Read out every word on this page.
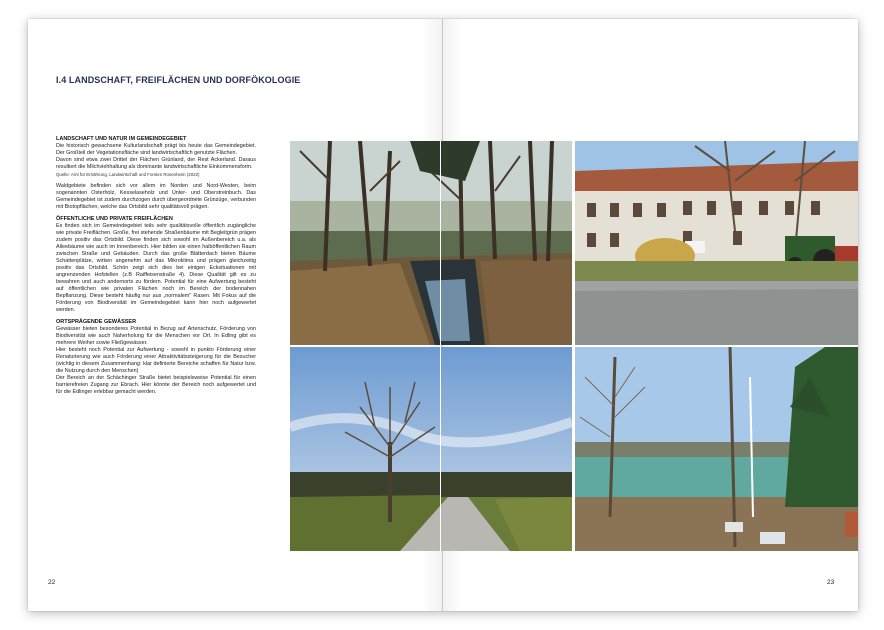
I.4 LANDSCHAFT, FREIFLÄCHEN UND DORFÖKOLOGIE
LANDSCHAFT UND NATUR IM GEMEINDEGEBIET

Die historisch gewachsene Kulturlandschaft prägt bis heute das Gemeindegebiet. Der Großteil der Vegetationsfläche sind landwirtschaftlich genutzte Flächen.

Davon sind etwa zwei Drittel der Flächen Grünland, der Rest Ackerland. Daraus resultiert die Milchviehhaltung als dominante landwirtschaftliche Einkommensform.

Quelle: Amt für Ernährung, Landwirtschaft und Forsten Rosenheim (2022)

Waldgebiete befinden sich vor allem im Norden und Nord-Westen, beim sogenannten Osterholz, Kesselaseholz und Unter- und Oberstreinbuch. Das Gemeindegebiet ist zudem durchzogen durch übergeordnete Grünzüge, verbunden mit Biotopflächen, welche das Ortsbild sehr qualitätsvoll prägen.

ÖFFENTLICHE UND PRIVATE FREIFLÄCHEN

Es finden sich im Gemeindegebiet teils sehr qualitätsvolle öffentlich zugängliche wie private Freiflächen. Große, frei stehende Straßenbäume mit Begleitgrün prägen zudem positiv das Ortsbild. Diese finden sich sowohl im Außenbereich u.a. als Alleebäume wie auch im Innenbereich. Hier bilden sie einen halböffentlichen Raum zwischen Straße und Gebäuden. Durch das große Blätterdach bieten Bäume Schattenplätze, wirken angenehm auf das Mikroklima und prägen gleichzeitig positiv das Ortsbild. Schön zeigt sich dies bei einigen Ecksituationen mit angrenzenden Hofstellen (z.B Raiffeisenstraße 4). Diese Qualität gilt es zu bewahren und auch andernorts zu fördern. Potential für eine Aufwertung besteht auf öffentlichen wie privaten Flächen noch im Bereich der bodennahen Bepflanzung. Diese besteht häufig nur aus „normalem" Rasen. Mit Fokus auf die Förderung von Biodiversität im Gemeindegebiet kann hier noch aufgewertet werden.

ORTSPRÄGENDE GEWÄSSER

Gewässer bieten besonderes Potential in Bezug auf Artenschutz, Förderung von Biodiversität wie auch Naherholung für die Menschen vor Ort. In Edling gibt es mehrere Weiher sowie Fließgewässer.

Hier besteht noch Potential zur Aufwertung - sowohl in punkto Förderung einer Renaturierung wie auch Förderung einer Attraktivitätssteigerung für die Besucher (wichtig in diesem Zusammenhang: klar definierte Bereiche schaffen für Natur bzw. die Nutzung durch den Menschen)

Der Bereich an der Schächinger Straße bietet beispielsweise Potential für einen barrierefreien Zugang zur Ebrach. Hier könnte der Bereich noch aufgewertet und für die Edlinger erlebbar gemacht werden.

22	23
